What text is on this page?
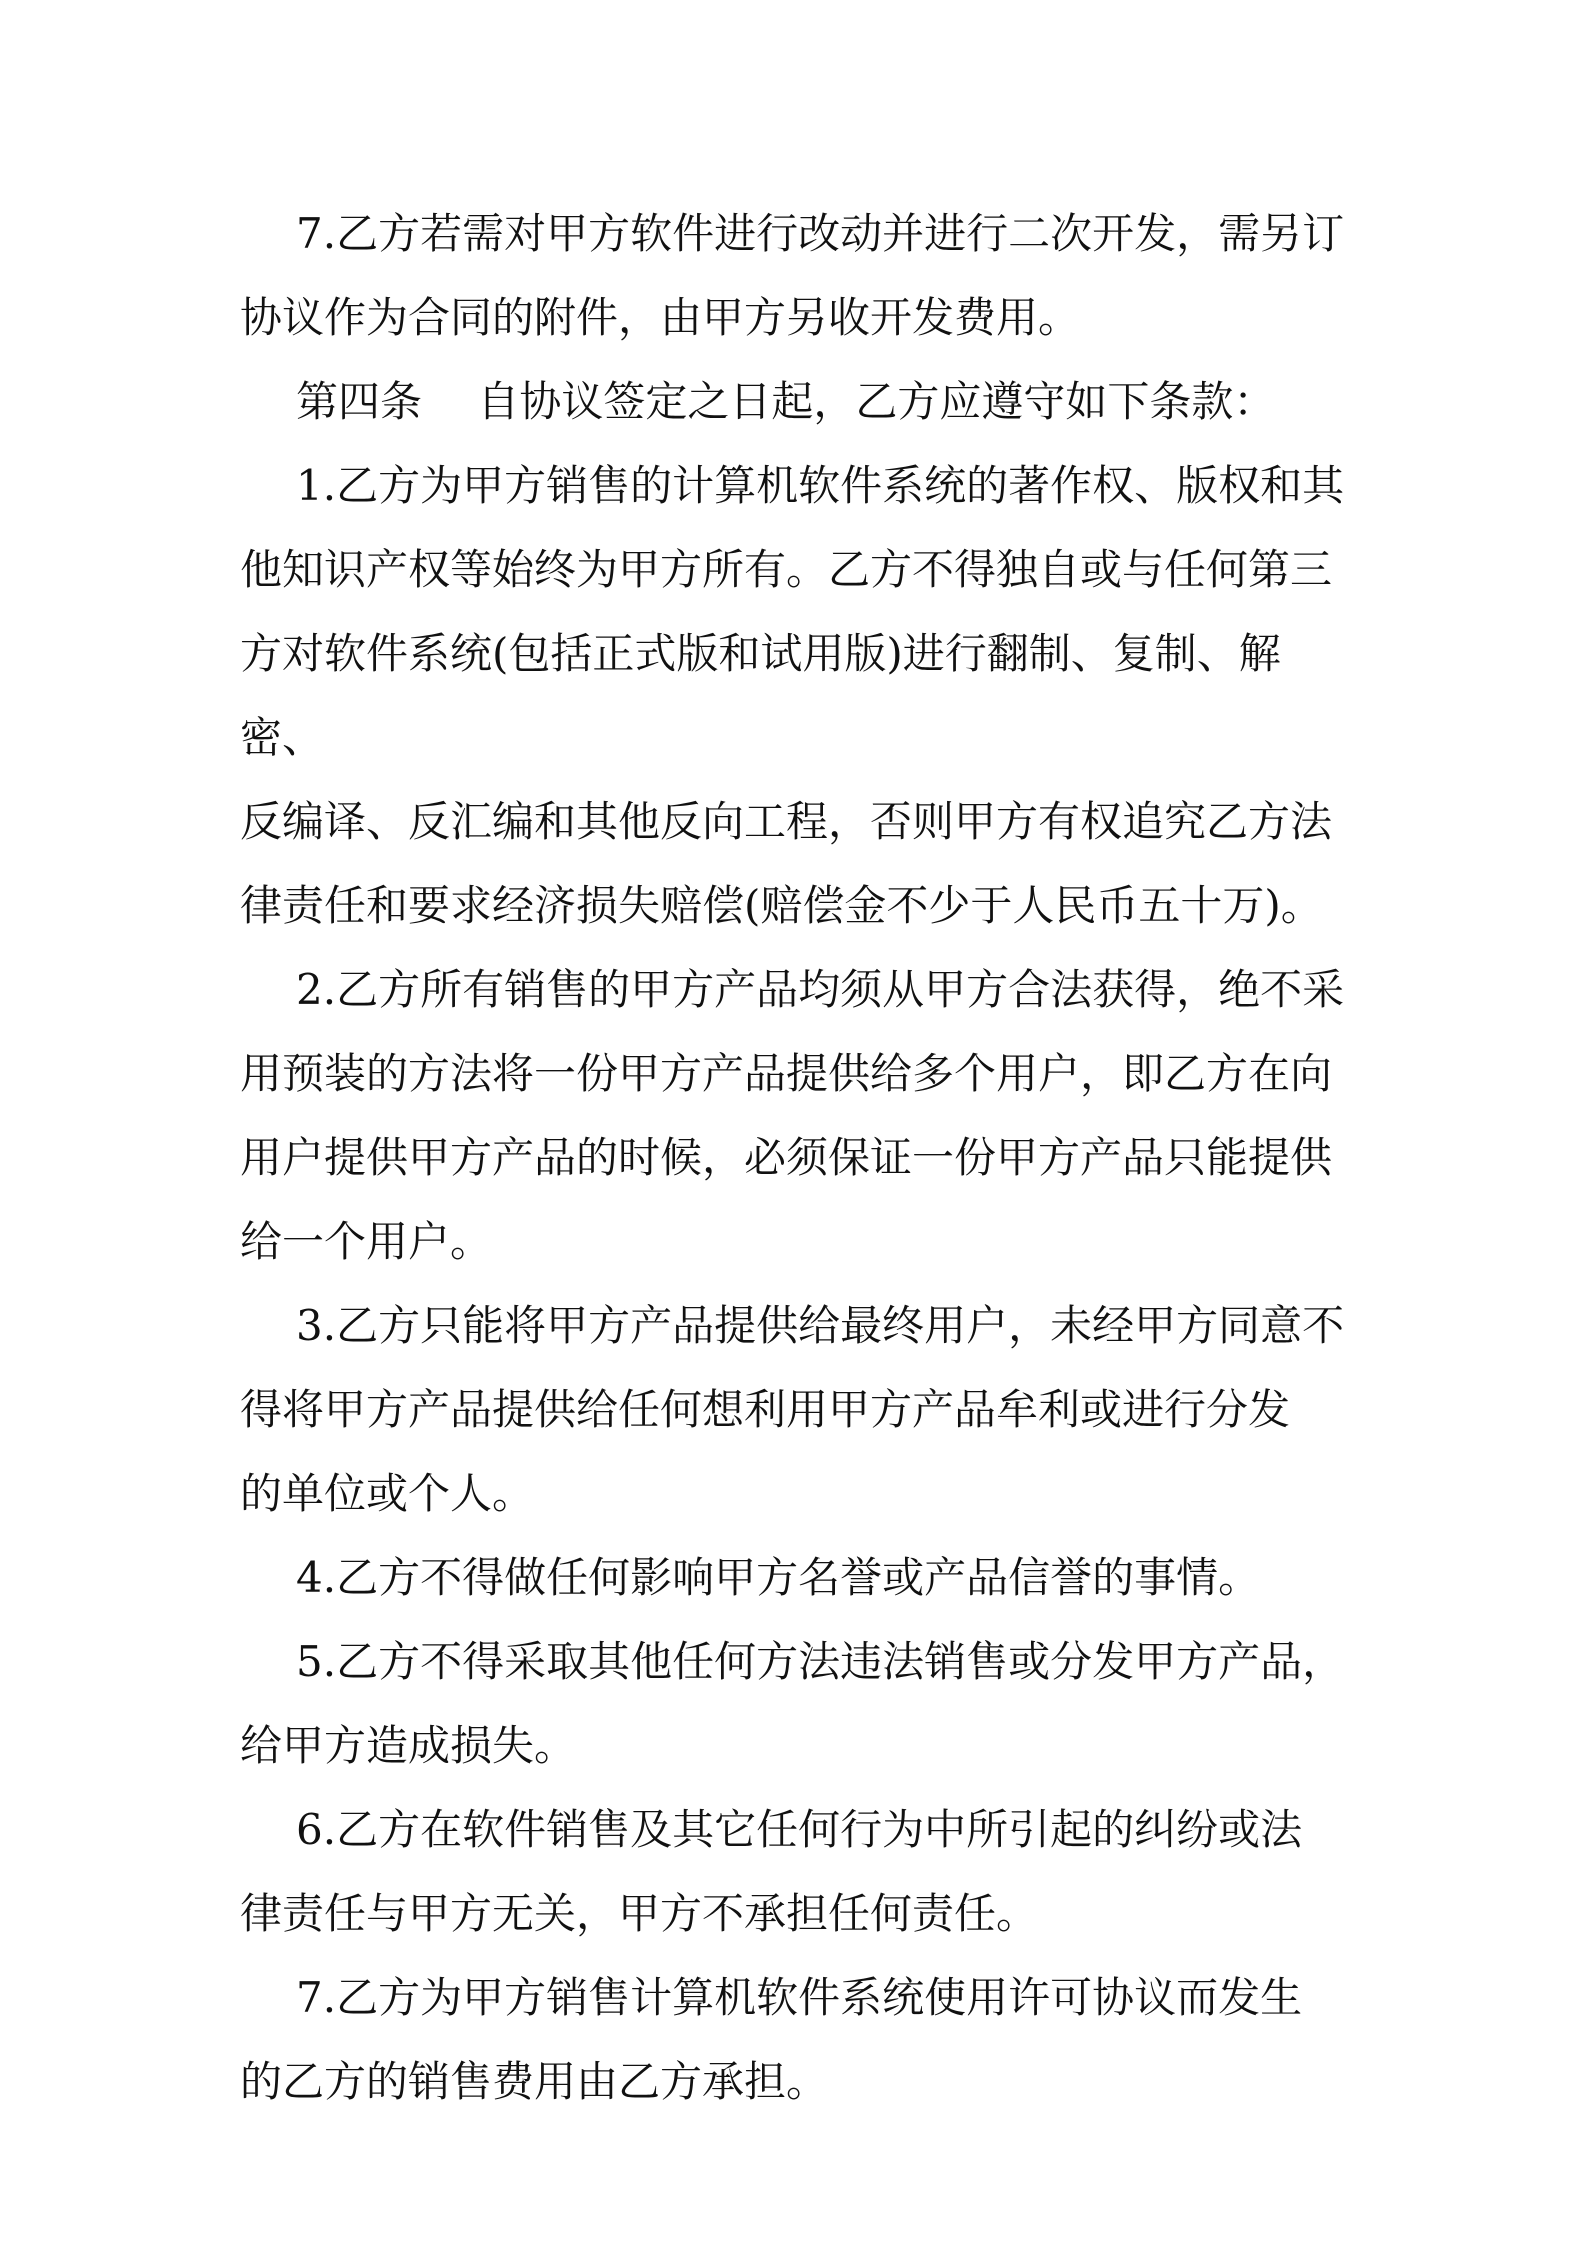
7.乙方若需对甲方软件进行改动并进行二次开发，需另订
协议作为合同的附件，由甲方另收开发费用。

第四条　 自协议签定之日起，乙方应遵守如下条款：

1.乙方为甲方销售的计算机软件系统的著作权、版权和其
他知识产权等始终为甲方所有。乙方不得独自或与任何第三
方对软件系统(包括正式版和试用版)进行翻制、复制、解密、
反编译、反汇编和其他反向工程，否则甲方有权追究乙方法
律责任和要求经济损失赔偿(赔偿金不少于人民币五十万)。

2.乙方所有销售的甲方产品均须从甲方合法获得，绝不采
用预装的方法将一份甲方产品提供给多个用户，即乙方在向
用户提供甲方产品的时候，必须保证一份甲方产品只能提供
给一个用户。

3.乙方只能将甲方产品提供给最终用户，未经甲方同意不
得将甲方产品提供给任何想利用甲方产品牟利或进行分发
的单位或个人。

4.乙方不得做任何影响甲方名誉或产品信誉的事情。

5.乙方不得采取其他任何方法违法销售或分发甲方产品，
给甲方造成损失。

6.乙方在软件销售及其它任何行为中所引起的纠纷或法
律责任与甲方无关，甲方不承担任何责任。

7.乙方为甲方销售计算机软件系统使用许可协议而发生
的乙方的销售费用由乙方承担。
